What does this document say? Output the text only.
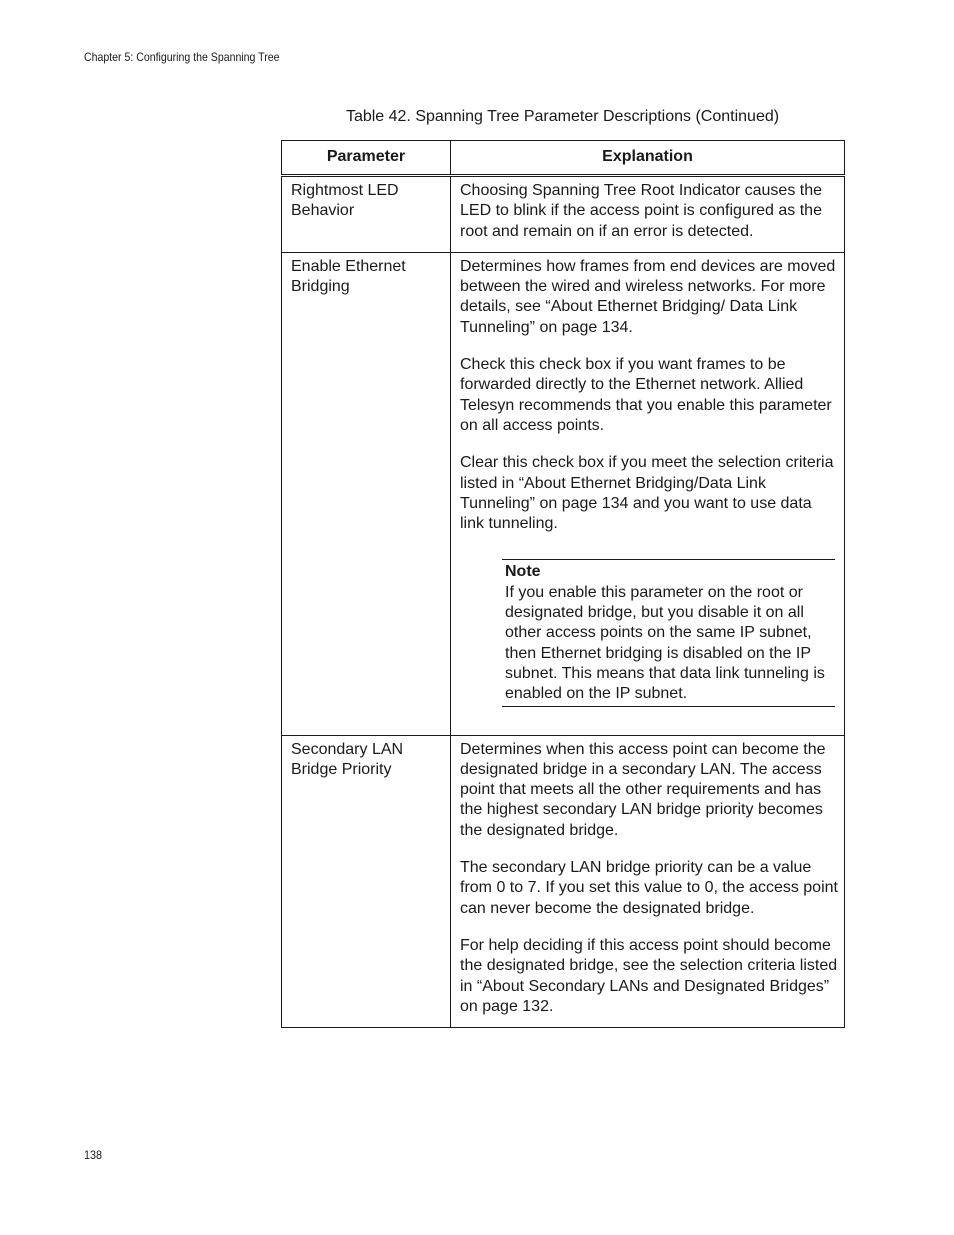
Chapter 5: Configuring the Spanning Tree
Table 42. Spanning Tree Parameter Descriptions (Continued)
Parameter	Explanation
Rightmost LED Behavior	Choosing Spanning Tree Root Indicator causes the LED to blink if the access point is configured as the root and remain on if an error is detected.

Enable Ethernet Bridging	Determines how frames from end devices are moved between the wired and wireless networks. For more details, see “About Ethernet Bridging/ Data Link Tunneling” on page 134.

Check this check box if you want frames to be forwarded directly to the Ethernet network. Allied Telesyn recommends that you enable this parameter on all access points.

Clear this check box if you meet the selection criteria listed in “About Ethernet Bridging/Data Link Tunneling” on page 134 and you want to use data link tunneling.

Note
If you enable this parameter on the root or designated bridge, but you disable it on all other access points on the same IP subnet, then Ethernet bridging is disabled on the IP subnet. This means that data link tunneling is enabled on the IP subnet.

Secondary LAN Bridge Priority	Determines when this access point can become the designated bridge in a secondary LAN. The access point that meets all the other requirements and has the highest secondary LAN bridge priority becomes the designated bridge.

The secondary LAN bridge priority can be a value from 0 to 7. If you set this value to 0, the access point can never become the designated bridge.

For help deciding if this access point should become the designated bridge, see the selection criteria listed in “About Secondary LANs and Designated Bridges” on page 132.

138
